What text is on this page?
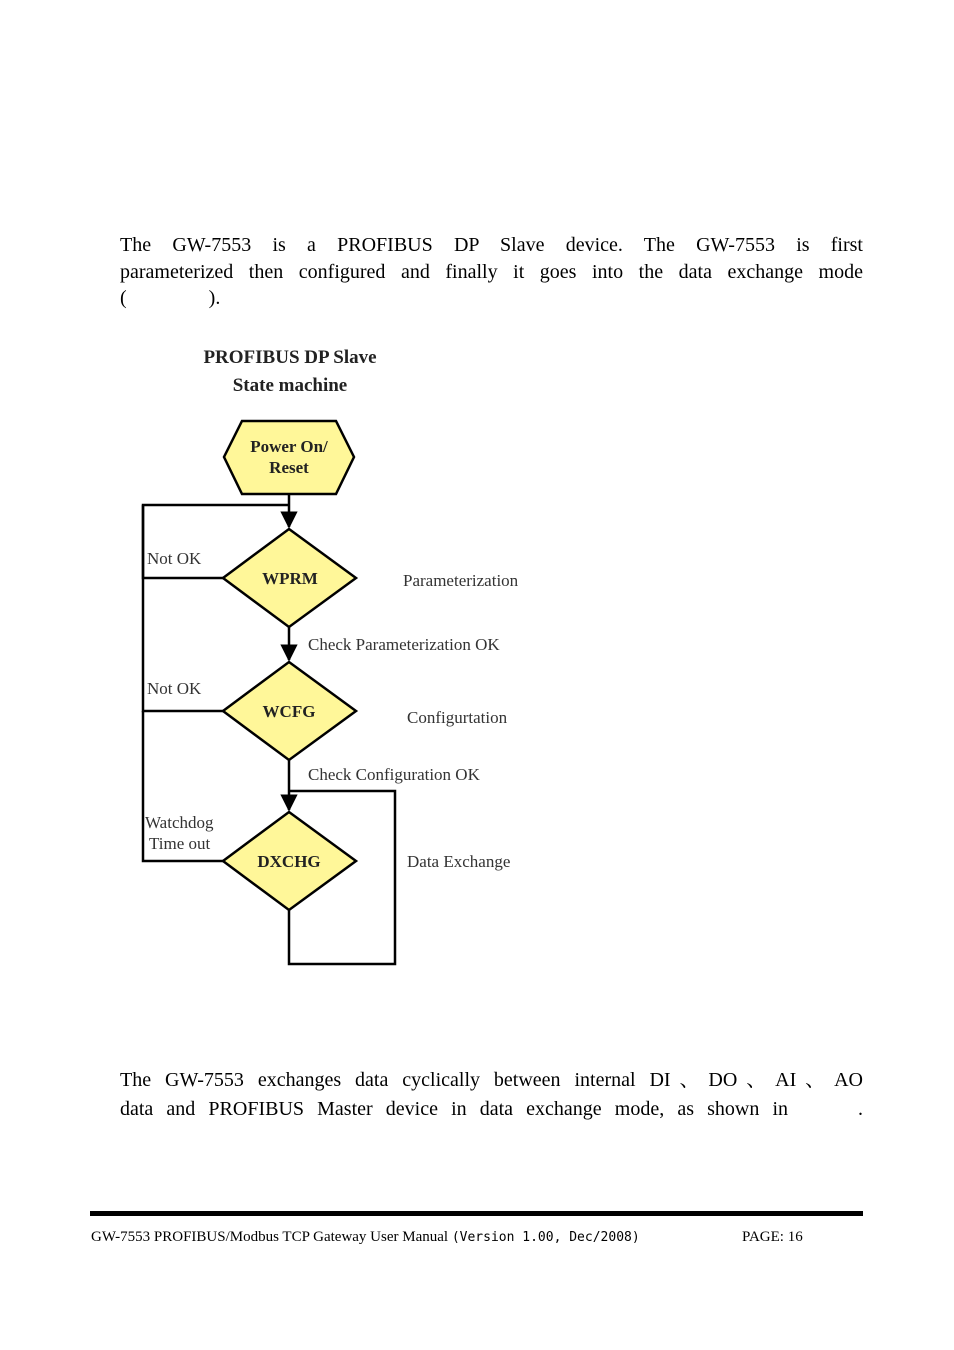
The GW-7553 is a PROFIBUS DP Slave device. The GW-7553 is first
parameterized then configured and finally it goes into the data exchange mode
(	).
PROFIBUS DP Slave
State machine
Power On/
Reset
WPRM
WCFG
DXCHG
Not OK
Not OK
Watchdog
Time out
Parameterization
Check Parameterization OK
Configurtation
Check Configuration OK
Data Exchange
The GW-7553 exchanges data cyclically between internal DI、DO、AI、AO
data and PROFIBUS Master device in data exchange mode, as shown in	.
GW-7553 PROFIBUS/Modbus TCP Gateway User Manual (Version 1.00, Dec/2008)	PAGE: 16
